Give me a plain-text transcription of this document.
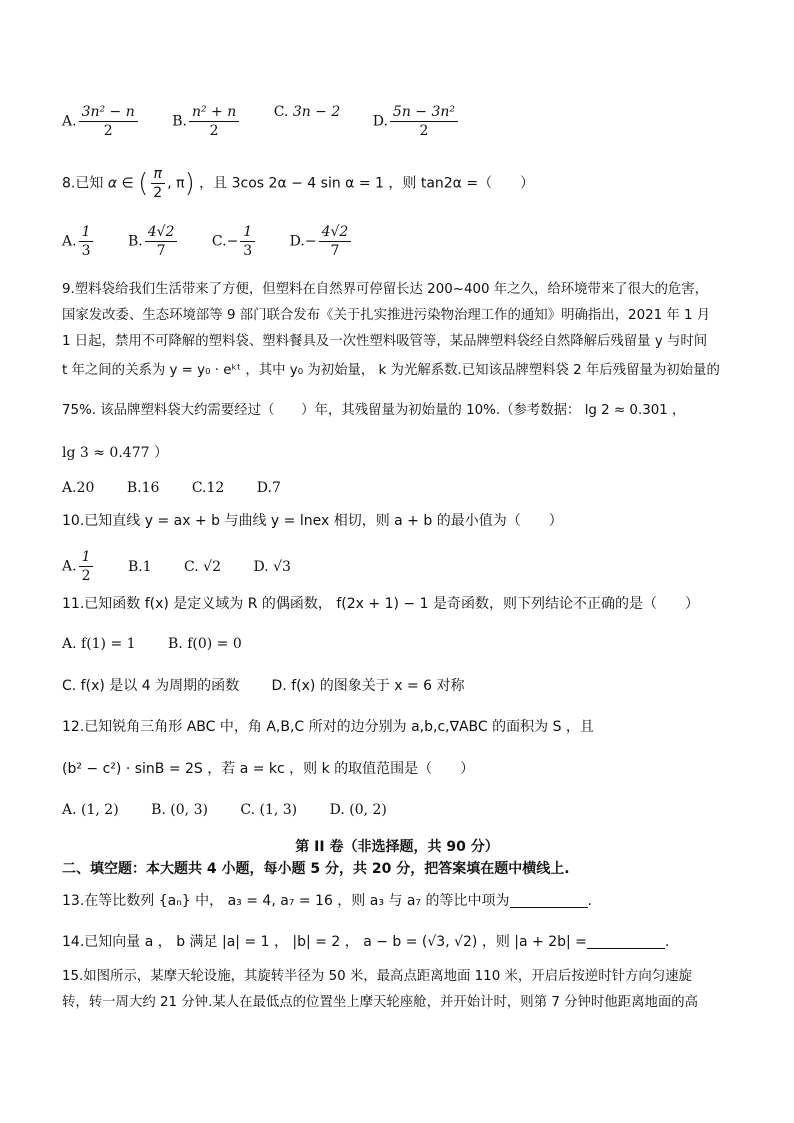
A. $\frac{\text{3n² − n}}{2} B$. $\frac{\text{n² + n}}{2} C$. 3n − 2 D. $\frac{\text{5n − 3n²}}{2}$
8.已知 α ∈ ( $\frac{\pi}{2}$ , π) ，且 3cos 2α − 4 sin α = 1 ，则 tan2α =（　　）
A. $\frac{1}{3} B$. $\frac{4√2}{7} C.- \frac{1}{3} D.- \frac{4√2}{7}$
9.塑料袋给我们生活带来了方便，但塑料在自然界可停留长达 200~400 年之久，给环境带来了很大的危害，
国家发改委、生态环境部等 9 部门联合发布《关于扎实推进污染物治理工作的通知》明确指出，2021 年 1 月
1 日起，禁用不可降解的塑料袋、塑料餐具及一次性塑料吸管等，某品牌塑料袋经自然降解后残留量 y 与时间
t 年之间的关系为 y = y₀ · eᵏᵗ ，其中 y₀ 为初始量， k 为光解系数.已知该品牌塑料袋 2 年后残留量为初始量的
75%. 该品牌塑料袋大约需要经过（　　）年，其残留量为初始量的 10%.（参考数据： lg 2 ≈ 0.301 ，
lg 3 ≈ 0.477 ）
A.20 B.16 C.12 D.7
10.已知直线 y = ax + b 与曲线 y = lnex 相切，则 a + b 的最小值为（　　）
A. $\frac{1}{2} B.1$ C. √2 D. √3
11.已知函数 f(x) 是定义域为 R 的偶函数， f(2x + 1) − 1 是奇函数，则下列结论不正确的是（　　）
A. f(1) = 1 B. f(0) = 0
C. f(x) 是以 4 为周期的函数 D. f(x) 的图象关于 x = 6 对称
12.已知锐角三角形 ABC 中，角 A,B,C 所对的边分别为 a,b,c,∇ABC 的面积为 S ，且
(b² − c²) · sinB = 2S ，若 a = kc ，则 k 的取值范围是（　　）
A. (1, 2) B. (0, 3) C. (1, 3) D. (0, 2)
第 II 卷（非选择题，共 90 分）
二、填空题：本大题共 4 小题，每小题 5 分，共 20 分，把答案填在题中横线上.
13.在等比数列 {aₙ} 中， a₃ = 4, a₇ = 16 ，则 a₃ 与 a₇ 的等比中项为	.
14.已知向量 a ， b 满足 |a| = 1 ， |b| = 2 ， a − b = (√3, √2) ，则 |a + 2b| =	.
15.如图所示，某摩天轮设施，其旋转半径为 50 米，最高点距离地面 110 米，开启后按逆时针方向匀速旋
转，转一周大约 21 分钟.某人在最低点的位置坐上摩天轮座舱，并开始计时，则第 7 分钟时他距离地面的高
